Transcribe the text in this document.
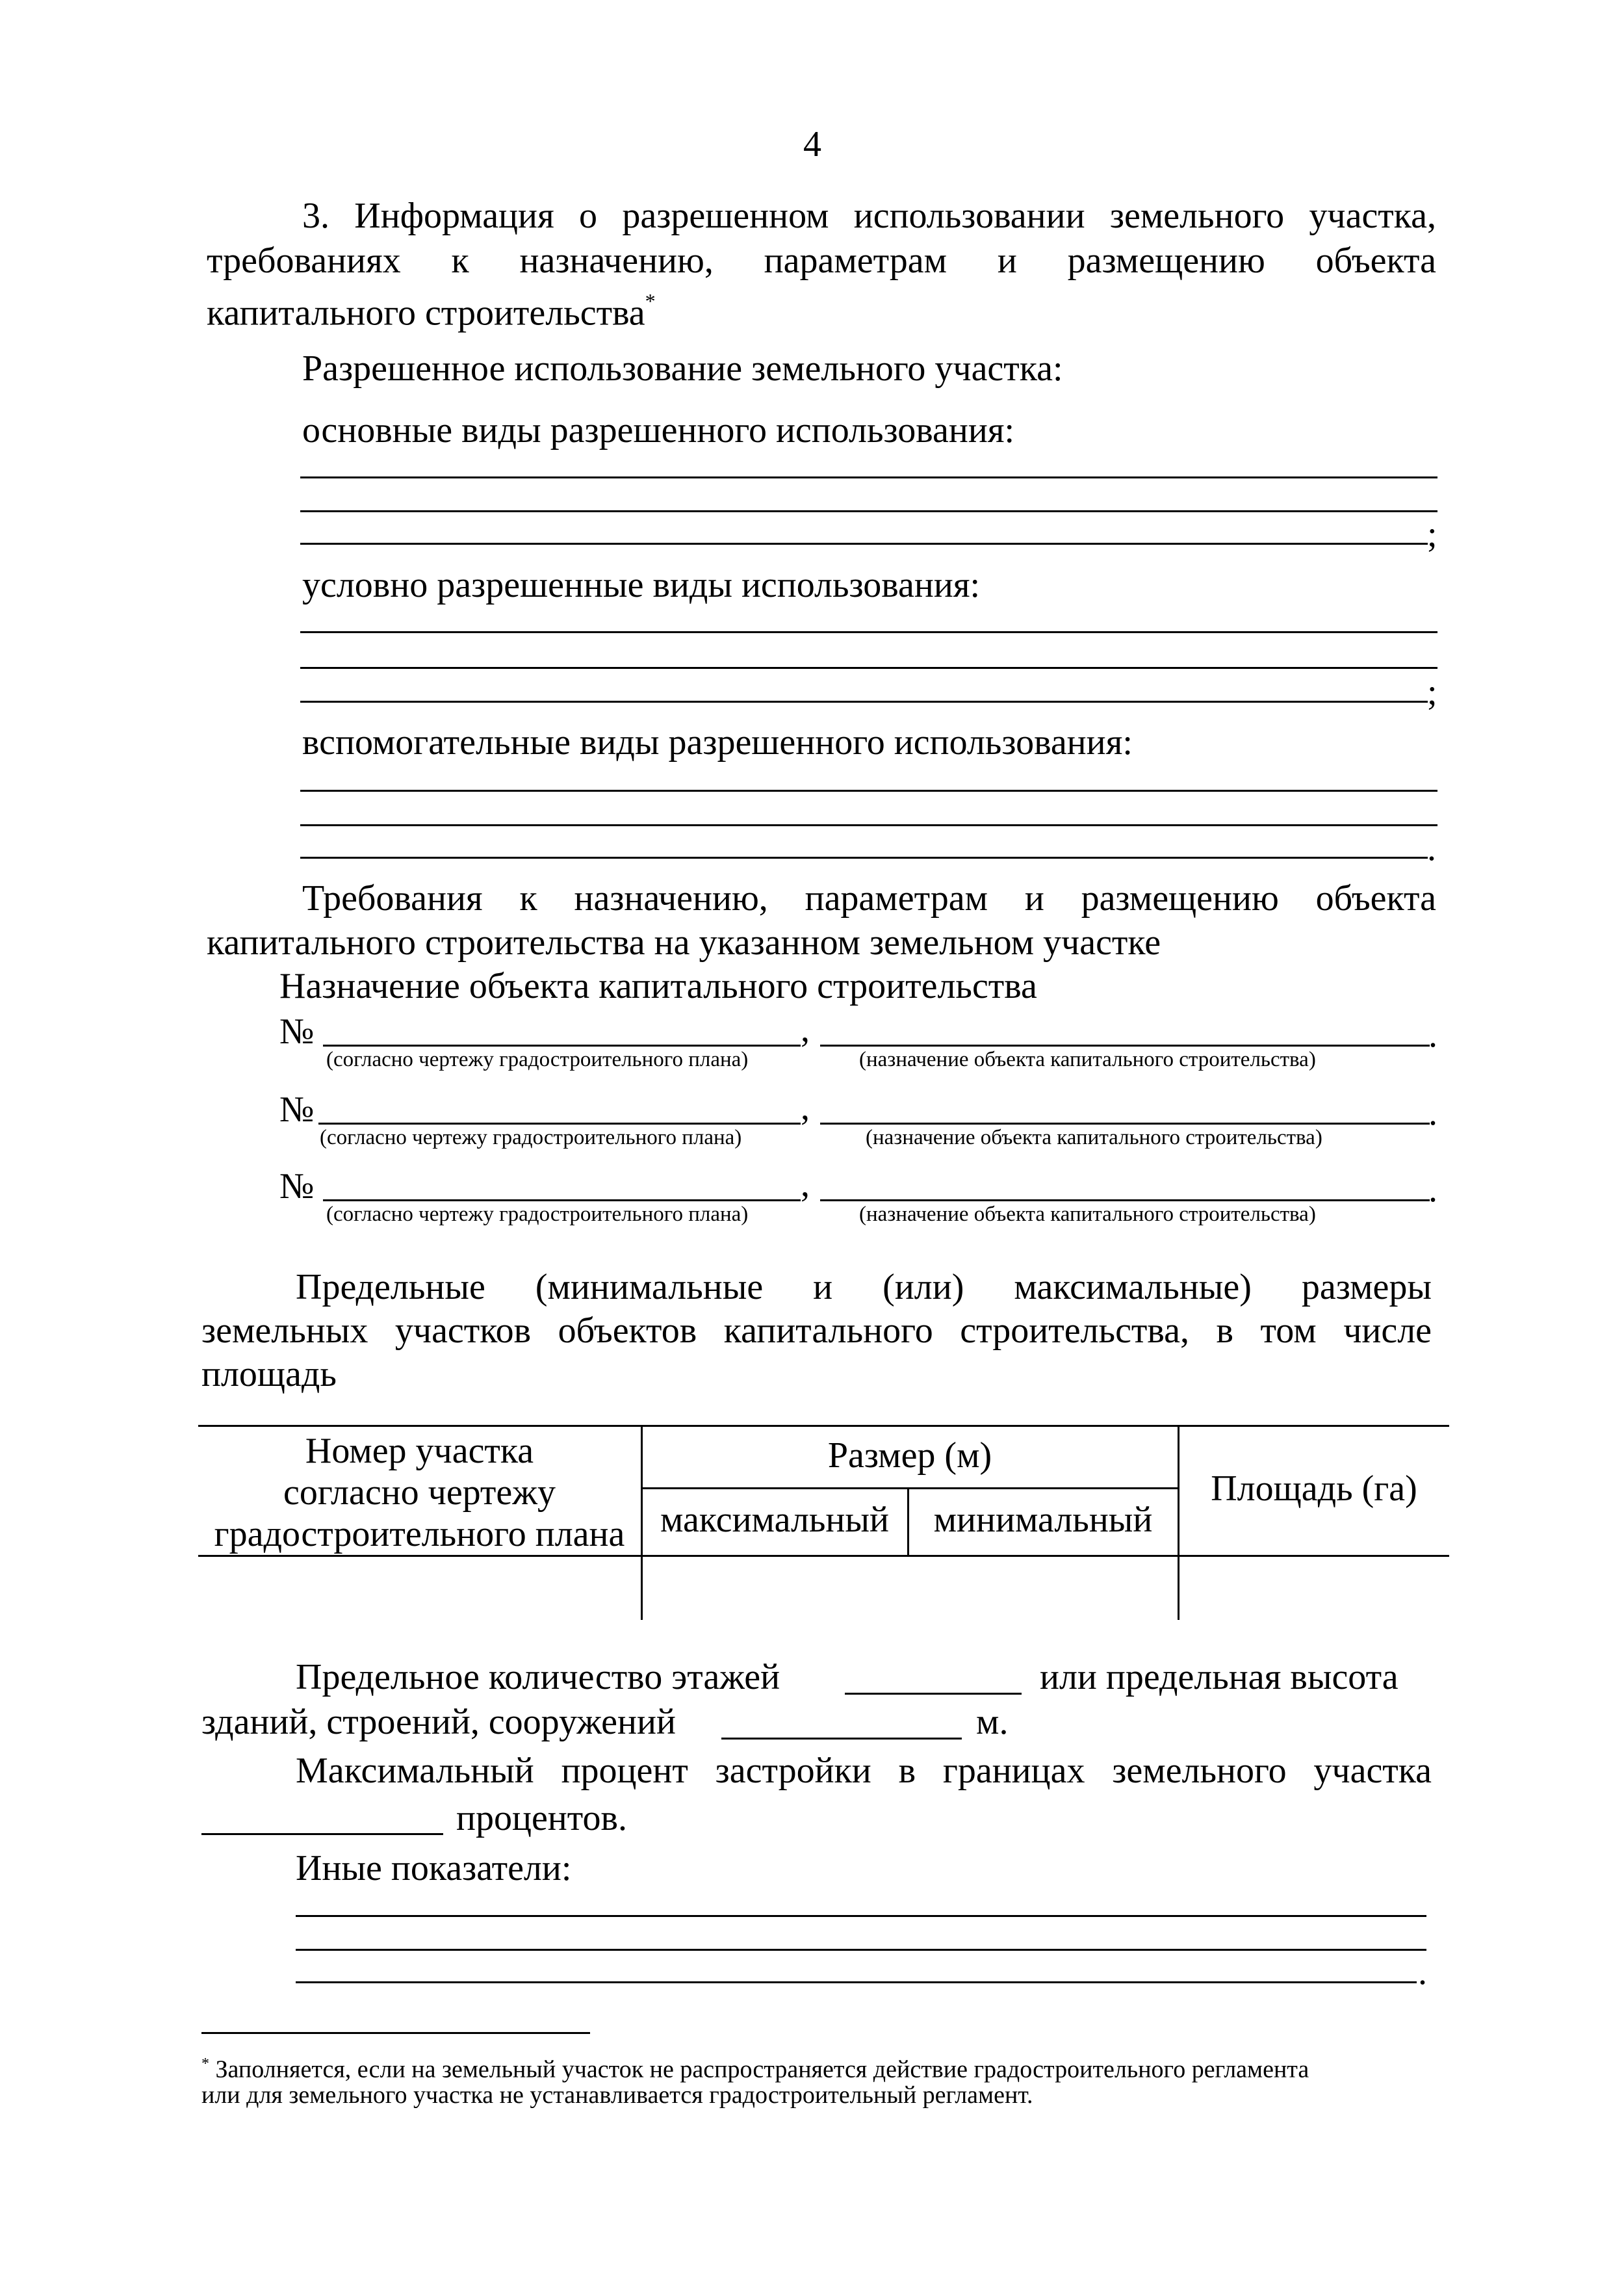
4
3. Информация о разрешенном использовании земельного участка,
требованиях к назначению, параметрам и размещению объекта
капитального строительства*
Разрешенное использование земельного участка:
основные виды разрешенного использования:
;
условно разрешенные виды использования:
;
вспомогательные виды разрешенного использования:
.
Требования к назначению, параметрам и размещению объекта
капитального строительства на указанном земельном участке
Назначение объекта капитального строительства
№	,	.
(согласно чертежу градостроительного плана)	(назначение объекта капитального строительства)
№	,	.
(согласно чертежу градостроительного плана)	(назначение объекта капитального строительства)
№	,	.
(согласно чертежу градостроительного плана)	(назначение объекта капитального строительства)
Предельные (минимальные и (или) максимальные) размеры
земельных участков объектов капитального строительства, в том числе
площадь
Номер участка
согласно чертежу
градостроительного плана
Размер (м)
максимальный	минимальный
Площадь (га)
Предельное количество этажей	или предельная высота
зданий, строений, сооружений	м.
Максимальный процент застройки в границах земельного участка
процентов.
Иные показатели:
.
* Заполняется, если на земельный участок не распространяется действие градостроительного регламента
или для земельного участка не устанавливается градостроительный регламент.
